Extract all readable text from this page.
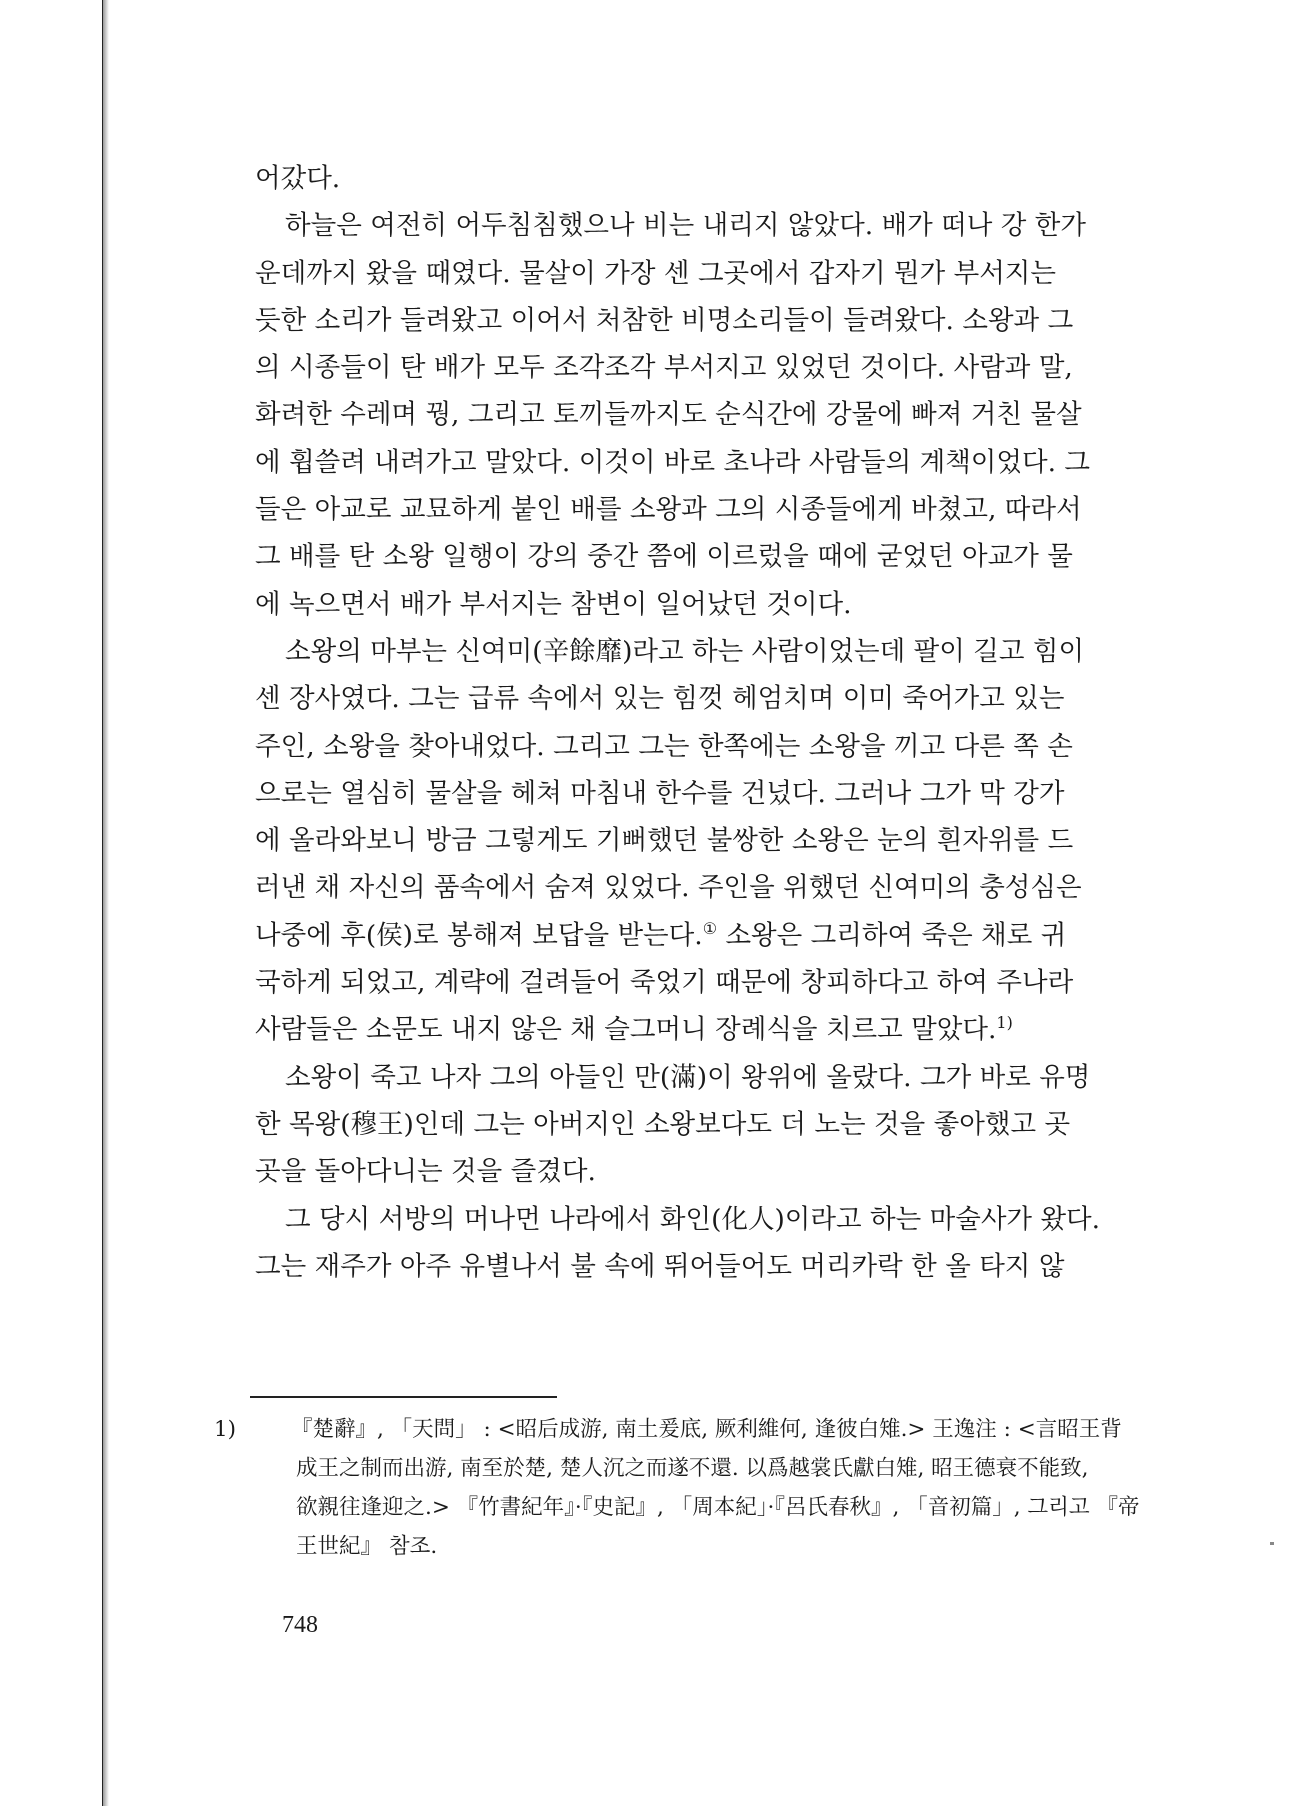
어갔다.

하늘은 여전히 어두침침했으나 비는 내리지 않았다. 배가 떠나 강 한가
운데까지 왔을 때였다. 물살이 가장 센 그곳에서 갑자기 뭔가 부서지는
듯한 소리가 들려왔고 이어서 처참한 비명소리들이 들려왔다. 소왕과 그
의 시종들이 탄 배가 모두 조각조각 부서지고 있었던 것이다. 사람과 말,
화려한 수레며 꿩, 그리고 토끼들까지도 순식간에 강물에 빠져 거친 물살
에 휩쓸려 내려가고 말았다. 이것이 바로 초나라 사람들의 계책이었다. 그
들은 아교로 교묘하게 붙인 배를 소왕과 그의 시종들에게 바쳤고, 따라서
그 배를 탄 소왕 일행이 강의 중간 쯤에 이르렀을 때에 굳었던 아교가 물
에 녹으면서 배가 부서지는 참변이 일어났던 것이다.

소왕의 마부는 신여미(辛餘靡)라고 하는 사람이었는데 팔이 길고 힘이
센 장사였다. 그는 급류 속에서 있는 힘껏 헤엄치며 이미 죽어가고 있는
주인, 소왕을 찾아내었다. 그리고 그는 한쪽에는 소왕을 끼고 다른 쪽 손
으로는 열심히 물살을 헤쳐 마침내 한수를 건넜다. 그러나 그가 막 강가
에 올라와보니 방금 그렇게도 기뻐했던 불쌍한 소왕은 눈의 흰자위를 드
러낸 채 자신의 품속에서 숨져 있었다. 주인을 위했던 신여미의 충성심은
나중에 후(侯)로 봉해져 보답을 받는다.① 소왕은 그리하여 죽은 채로 귀
국하게 되었고, 계략에 걸려들어 죽었기 때문에 창피하다고 하여 주나라
사람들은 소문도 내지 않은 채 슬그머니 장례식을 치르고 말았다.$^{1)}$

소왕이 죽고 나자 그의 아들인 만(滿)이 왕위에 올랐다. 그가 바로 유명
한 목왕(穆王)인데 그는 아버지인 소왕보다도 더 노는 것을 좋아했고 곳
곳을 돌아다니는 것을 즐겼다.

그 당시 서방의 머나먼 나라에서 화인(化人)이라고 하는 마술사가 왔다.
그는 재주가 아주 유별나서 불 속에 뛰어들어도 머리카락 한 올 타지 않

1)	『楚辭』, 「天問」 : <昭后成游, 南土爰底, 厥利維何, 逢彼白雉.> 王逸注 : <言昭王背
成王之制而出游, 南至於楚, 楚人沉之而遂不還. 以爲越裳氏獻白雉, 昭王德衰不能致,
欲親往逢迎之.> 『竹書紀年』·『史記』, 「周本紀」·『呂氏春秋』, 「音初篇」, 그리고 『帝
王世紀』 참조.
748
